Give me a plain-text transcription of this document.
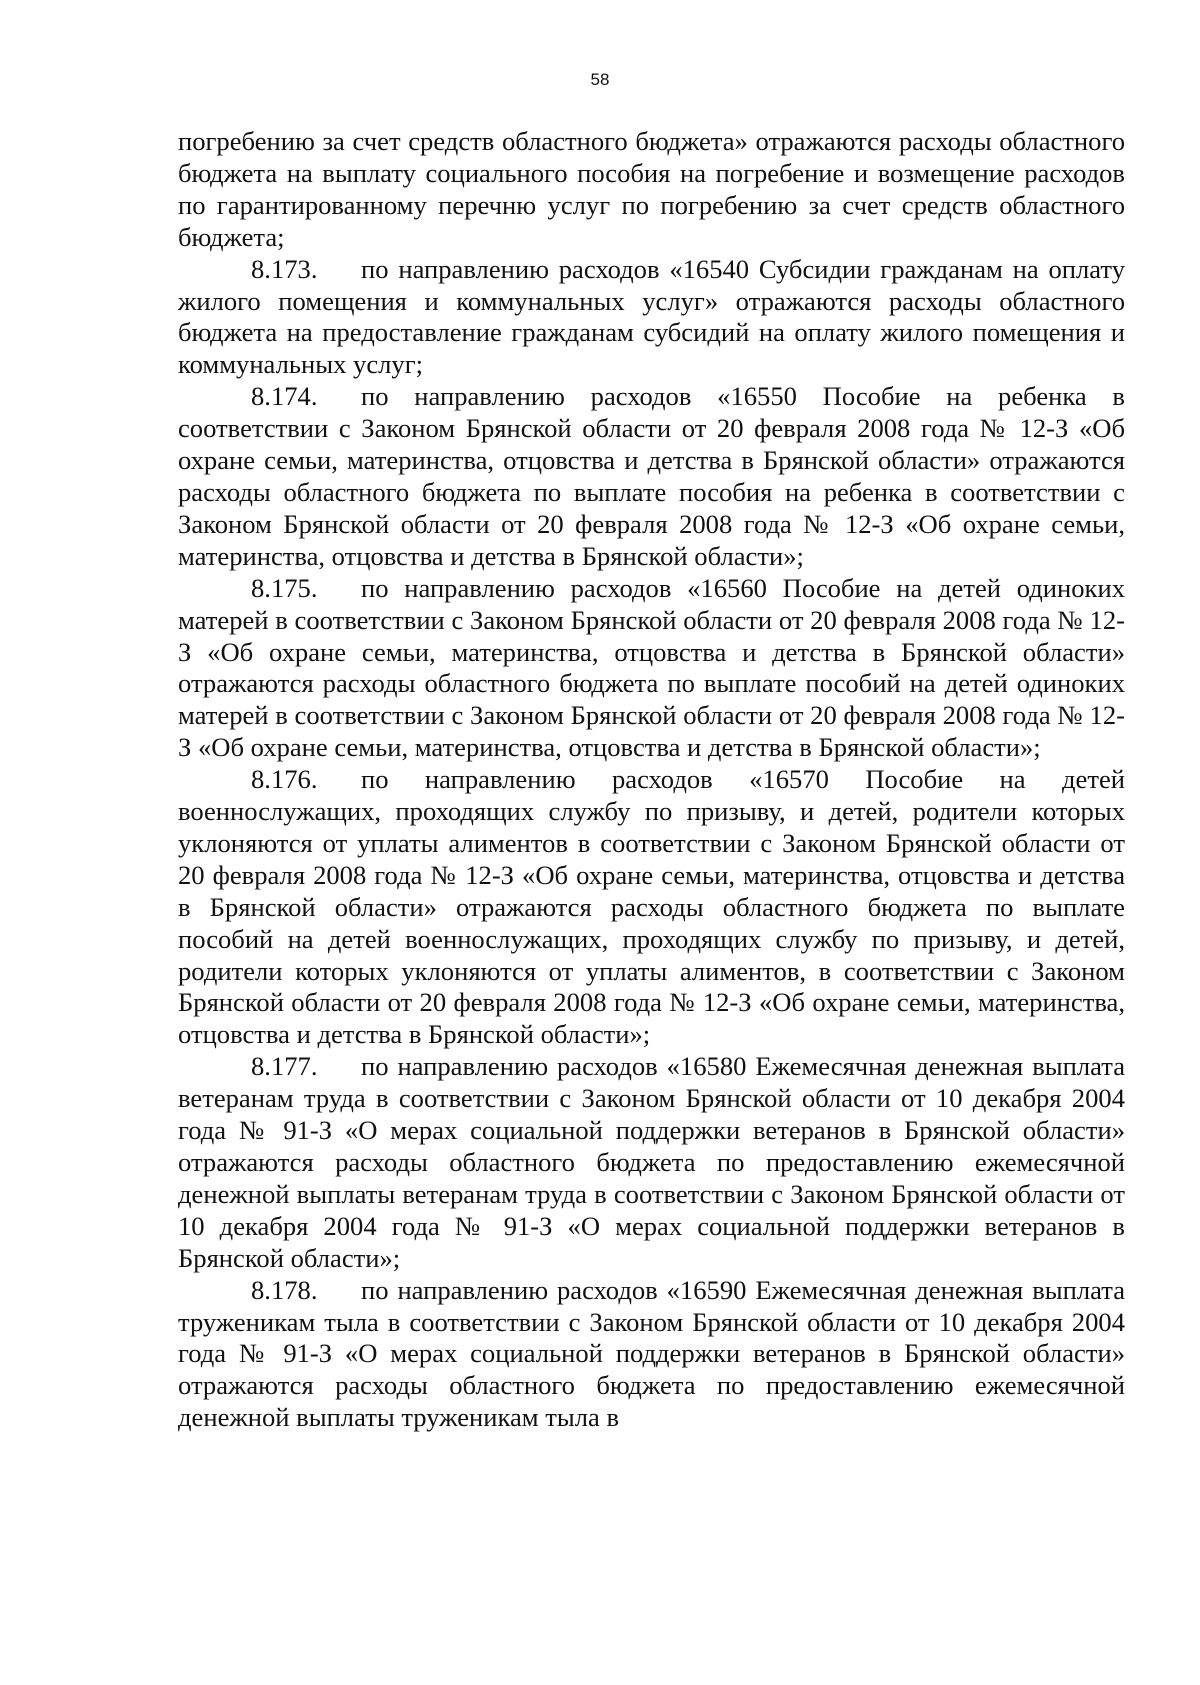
58

погребению за счет средств областного бюджета» отражаются расходы областного бюджета на выплату социального пособия на погребение и возмещение расходов по гарантированному перечню услуг по погребению за счет средств областного бюджета;

8.173. по направлению расходов «16540 Субсидии гражданам на оплату жилого помещения и коммунальных услуг» отражаются расходы областного бюджета на предоставление гражданам субсидий на оплату жилого помещения и коммунальных услуг;

8.174. по направлению расходов «16550 Пособие на ребенка в соответствии с Законом Брянской области от 20 февраля 2008 года № 12-З «Об охране семьи, материнства, отцовства и детства в Брянской области» отражаются расходы областного бюджета по выплате пособия на ребенка в соответствии с Законом Брянской области от 20 февраля 2008 года № 12-З «Об охране семьи, материнства, отцовства и детства в Брянской области»;

8.175. по направлению расходов «16560 Пособие на детей одиноких матерей в соответствии с Законом Брянской области от 20 февраля 2008 года № 12-З «Об охране семьи, материнства, отцовства и детства в Брянской области» отражаются расходы областного бюджета по выплате пособий на детей одиноких матерей в соответствии с Законом Брянской области от 20 февраля 2008 года № 12-З «Об охране семьи, материнства, отцовства и детства в Брянской области»;

8.176. по направлению расходов «16570 Пособие на детей военнослужащих, проходящих службу по призыву, и детей, родители которых уклоняются от уплаты алиментов в соответствии с Законом Брянской области от 20 февраля 2008 года № 12-З «Об охране семьи, материнства, отцовства и детства в Брянской области» отражаются расходы областного бюджета по выплате пособий на детей военнослужащих, проходящих службу по призыву, и детей, родители которых уклоняются от уплаты алиментов, в соответствии с Законом Брянской области от 20 февраля 2008 года № 12-З «Об охране семьи, материнства, отцовства и детства в Брянской области»;

8.177. по направлению расходов «16580 Ежемесячная денежная выплата ветеранам труда в соответствии с Законом Брянской области от 10 декабря 2004 года № 91-З «О мерах социальной поддержки ветеранов в Брянской области» отражаются расходы областного бюджета по предоставлению ежемесячной денежной выплаты ветеранам труда в соответствии с Законом Брянской области от 10 декабря 2004 года № 91-З «О мерах социальной поддержки ветеранов в Брянской области»;

8.178. по направлению расходов «16590 Ежемесячная денежная выплата труженикам тыла в соответствии с Законом Брянской области от 10 декабря 2004 года № 91-З «О мерах социальной поддержки ветеранов в Брянской области» отражаются расходы областного бюджета по предоставлению ежемесячной денежной выплаты труженикам тыла в
